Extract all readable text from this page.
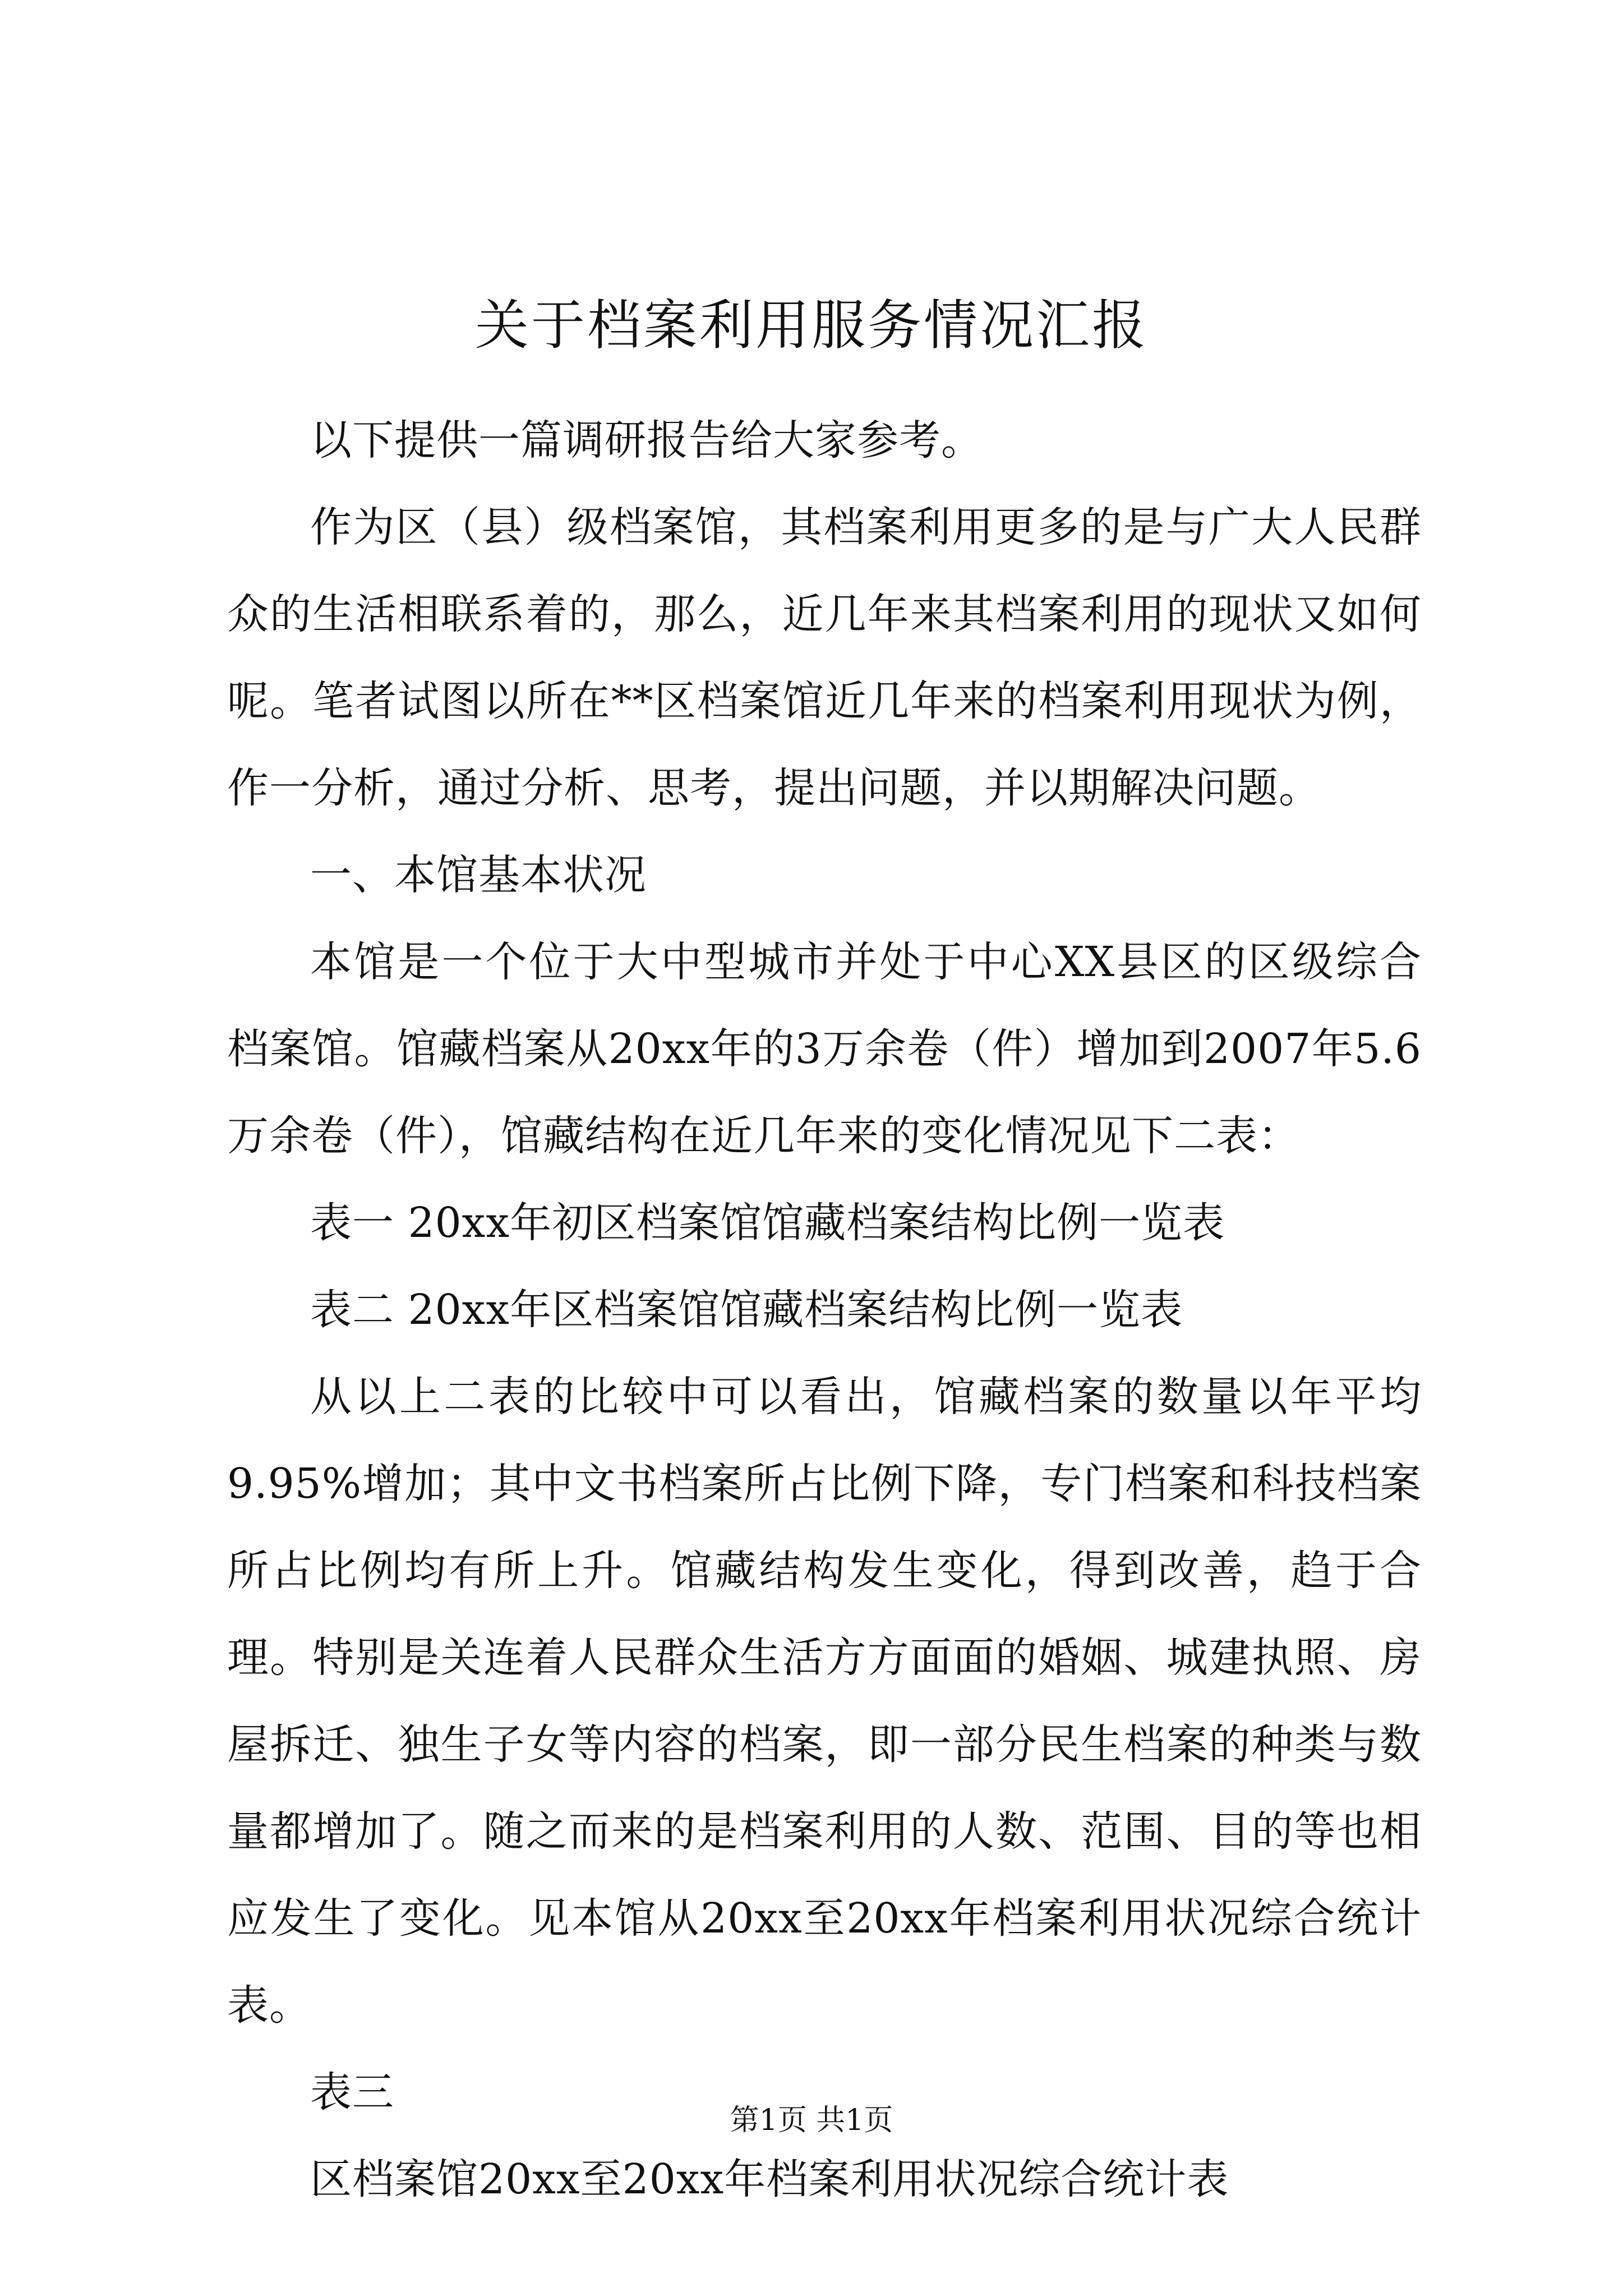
关于档案利用服务情况汇报

以下提供一篇调研报告给大家参考。

作为区（县）级档案馆，其档案利用更多的是与广大人民群众的生活相联系着的，那么，近几年来其档案利用的现状又如何呢。笔者试图以所在**区档案馆近几年来的档案利用现状为例，作一分析，通过分析、思考，提出问题，并以期解决问题。

一、本馆基本状况

本馆是一个位于大中型城市并处于中心XX县区的区级综合档案馆。馆藏档案从20xx年的3万余卷（件）增加到2007年5.6万余卷（件），馆藏结构在近几年来的变化情况见下二表：

表一 20xx年初区档案馆馆藏档案结构比例一览表

表二 20xx年区档案馆馆藏档案结构比例一览表

从以上二表的比较中可以看出，馆藏档案的数量以年平均9.95%增加；其中文书档案所占比例下降，专门档案和科技档案所占比例均有所上升。馆藏结构发生变化，得到改善，趋于合理。特别是关连着人民群众生活方方面面的婚姻、城建执照、房屋拆迁、独生子女等内容的档案，即一部分民生档案的种类与数量都增加了。随之而来的是档案利用的人数、范围、目的等也相应发生了变化。见本馆从20xx至20xx年档案利用状况综合统计表。

表三

区档案馆20xx至20xx年档案利用状况综合统计表

第1页 共1页
